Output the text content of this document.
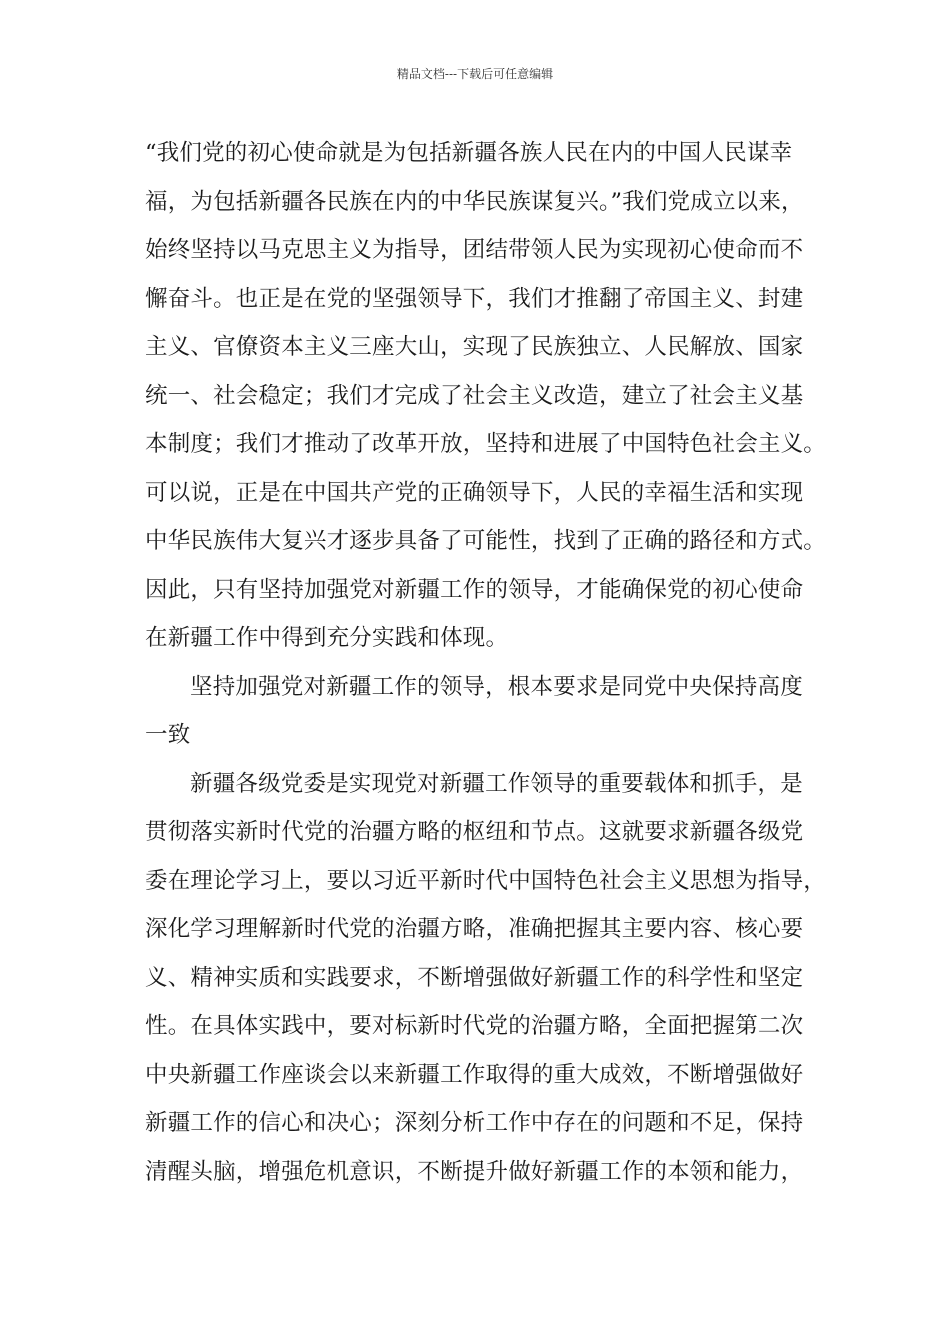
精品文档---下载后可任意编辑
“我们党的初心使命就是为包括新疆各族人民在内的中国人民谋幸
福，为包括新疆各民族在内的中华民族谋复兴。”我们党成立以来，
始终坚持以马克思主义为指导，团结带领人民为实现初心使命而不
懈奋斗。也正是在党的坚强领导下，我们才推翻了帝国主义、封建
主义、官僚资本主义三座大山，实现了民族独立、人民解放、国家
统一、社会稳定；我们才完成了社会主义改造，建立了社会主义基
本制度；我们才推动了改革开放，坚持和进展了中国特色社会主义。
可以说，正是在中国共产党的正确领导下，人民的幸福生活和实现
中华民族伟大复兴才逐步具备了可能性，找到了正确的路径和方式。
因此，只有坚持加强党对新疆工作的领导，才能确保党的初心使命
在新疆工作中得到充分实践和体现。
坚持加强党对新疆工作的领导，根本要求是同党中央保持高度
一致
新疆各级党委是实现党对新疆工作领导的重要载体和抓手，是
贯彻落实新时代党的治疆方略的枢纽和节点。这就要求新疆各级党
委在理论学习上，要以习近平新时代中国特色社会主义思想为指导，
深化学习理解新时代党的治疆方略，准确把握其主要内容、核心要
义、精神实质和实践要求，不断增强做好新疆工作的科学性和坚定
性。在具体实践中，要对标新时代党的治疆方略，全面把握第二次
中央新疆工作座谈会以来新疆工作取得的重大成效，不断增强做好
新疆工作的信心和决心；深刻分析工作中存在的问题和不足，保持
清醒头脑，增强危机意识，不断提升做好新疆工作的本领和能力，
